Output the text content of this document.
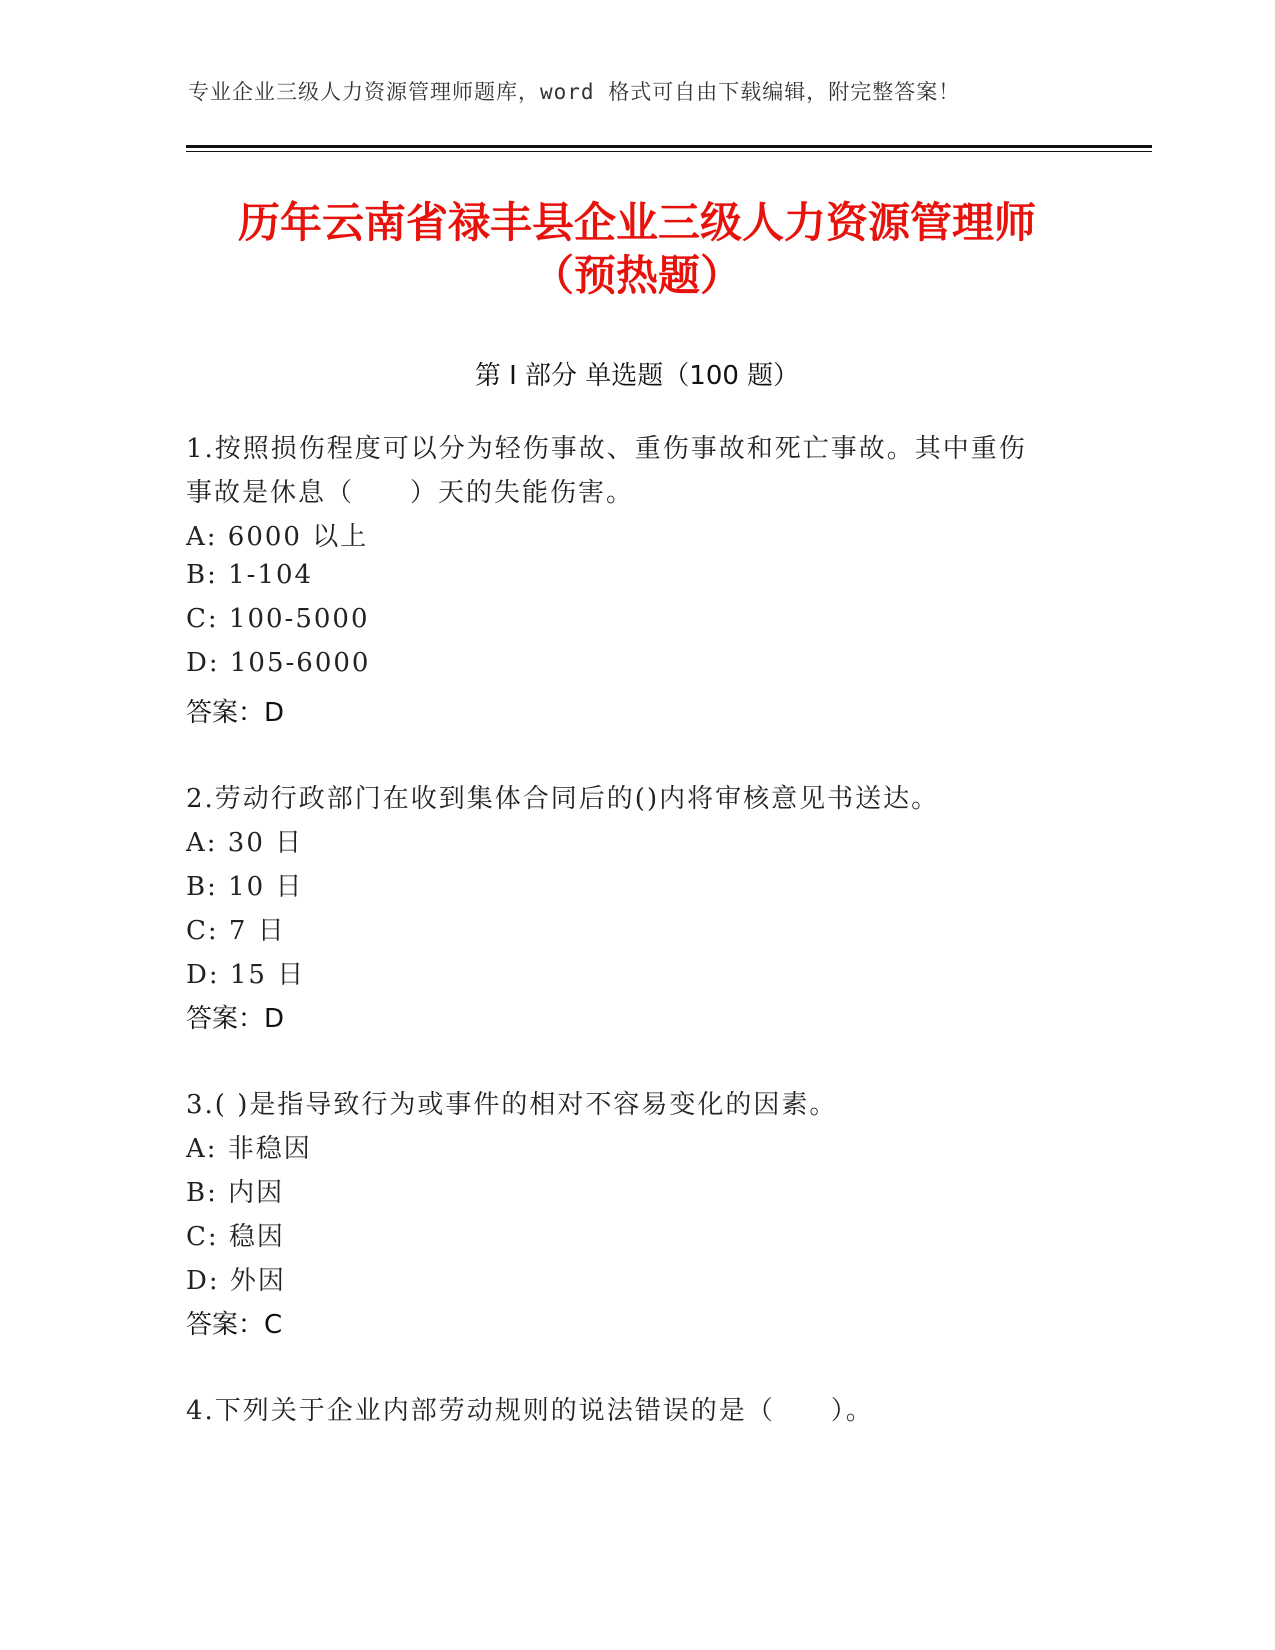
专业企业三级人力资源管理师题库，word 格式可自由下载编辑，附完整答案！
历年云南省禄丰县企业三级人力资源管理师
（预热题）
第 I 部分 单选题（100 题）
1.按照损伤程度可以分为轻伤事故、重伤事故和死亡事故。其中重伤
事故是休息（　　）天的失能伤害。
A: 6000 以上
B: 1-104
C: 100-5000
D: 105-6000
答案：D
2.劳动行政部门在收到集体合同后的()内将审核意见书送达。
A: 30 日
B: 10 日
C: 7 日
D: 15 日
答案：D
3.( )是指导致行为或事件的相对不容易变化的因素。
A: 非稳因
B: 内因
C: 稳因
D: 外因
答案：C
4.下列关于企业内部劳动规则的说法错误的是（　　）。
